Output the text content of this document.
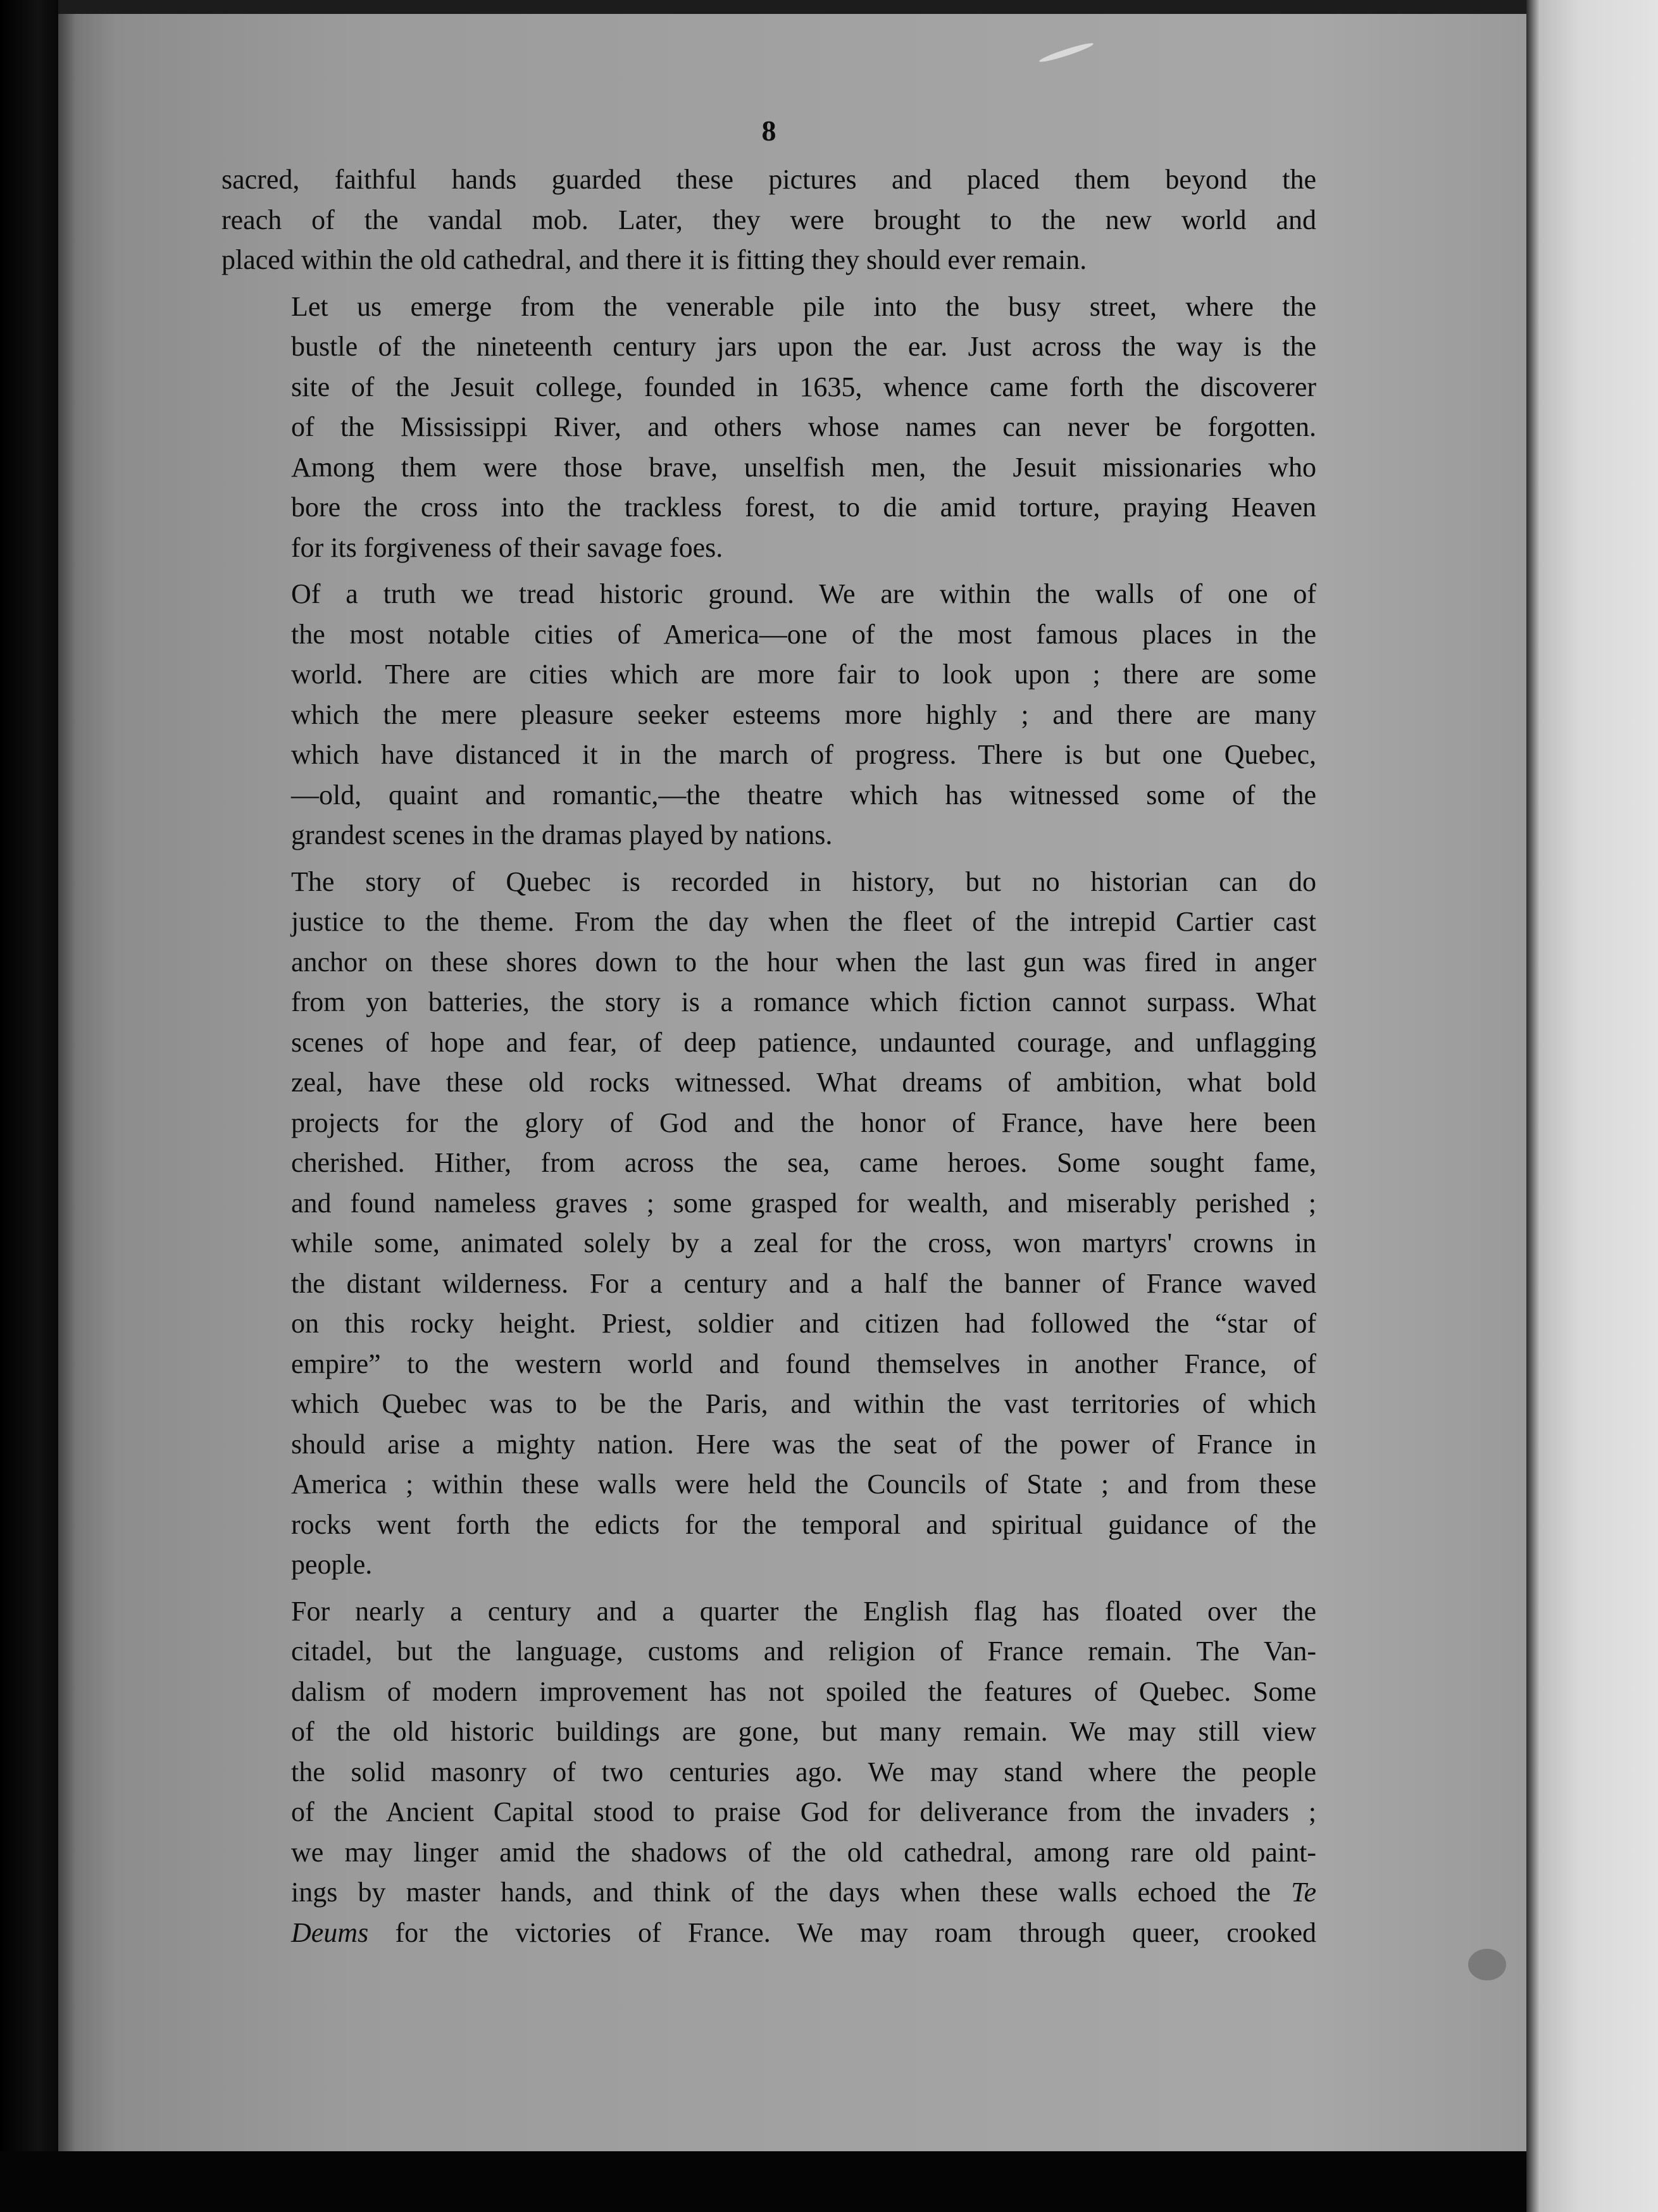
8
sacred, faithful hands guarded these pictures and placed them beyond the
reach of the vandal mob. Later, they were brought to the new world and
placed within the old cathedral, and there it is fitting they should ever remain.
Let us emerge from the venerable pile into the busy street, where the
bustle of the nineteenth century jars upon the ear. Just across the way is the
site of the Jesuit college, founded in 1635, whence came forth the discoverer
of the Mississippi River, and others whose names can never be forgotten.
Among them were those brave, unselfish men, the Jesuit missionaries who
bore the cross into the trackless forest, to die amid torture, praying Heaven
for its forgiveness of their savage foes.
Of a truth we tread historic ground. We are within the walls of one of
the most notable cities of America—one of the most famous places in the
world. There are cities which are more fair to look upon ; there are some
which the mere pleasure seeker esteems more highly ; and there are many
which have distanced it in the march of progress. There is but one Quebec,
—old, quaint and romantic,—the theatre which has witnessed some of the
grandest scenes in the dramas played by nations.
The story of Quebec is recorded in history, but no historian can do
justice to the theme. From the day when the fleet of the intrepid Cartier cast
anchor on these shores down to the hour when the last gun was fired in anger
from yon batteries, the story is a romance which fiction cannot surpass. What
scenes of hope and fear, of deep patience, undaunted courage, and unflagging
zeal, have these old rocks witnessed. What dreams of ambition, what bold
projects for the glory of God and the honor of France, have here been
cherished. Hither, from across the sea, came heroes. Some sought fame,
and found nameless graves ; some grasped for wealth, and miserably perished ;
while some, animated solely by a zeal for the cross, won martyrs' crowns in
the distant wilderness. For a century and a half the banner of France waved
on this rocky height. Priest, soldier and citizen had followed the “star of
empire” to the western world and found themselves in another France, of
which Quebec was to be the Paris, and within the vast territories of which
should arise a mighty nation. Here was the seat of the power of France in
America ; within these walls were held the Councils of State ; and from these
rocks went forth the edicts for the temporal and spiritual guidance of the
people.
For nearly a century and a quarter the English flag has floated over the
citadel, but the language, customs and religion of France remain. The Van-
dalism of modern improvement has not spoiled the features of Quebec. Some
of the old historic buildings are gone, but many remain. We may still view
the solid masonry of two centuries ago. We may stand where the people
of the Ancient Capital stood to praise God for deliverance from the invaders ;
we may linger amid the shadows of the old cathedral, among rare old paint-
ings by master hands, and think of the days when these walls echoed the Te
Deums for the victories of France. We may roam through queer, crooked
